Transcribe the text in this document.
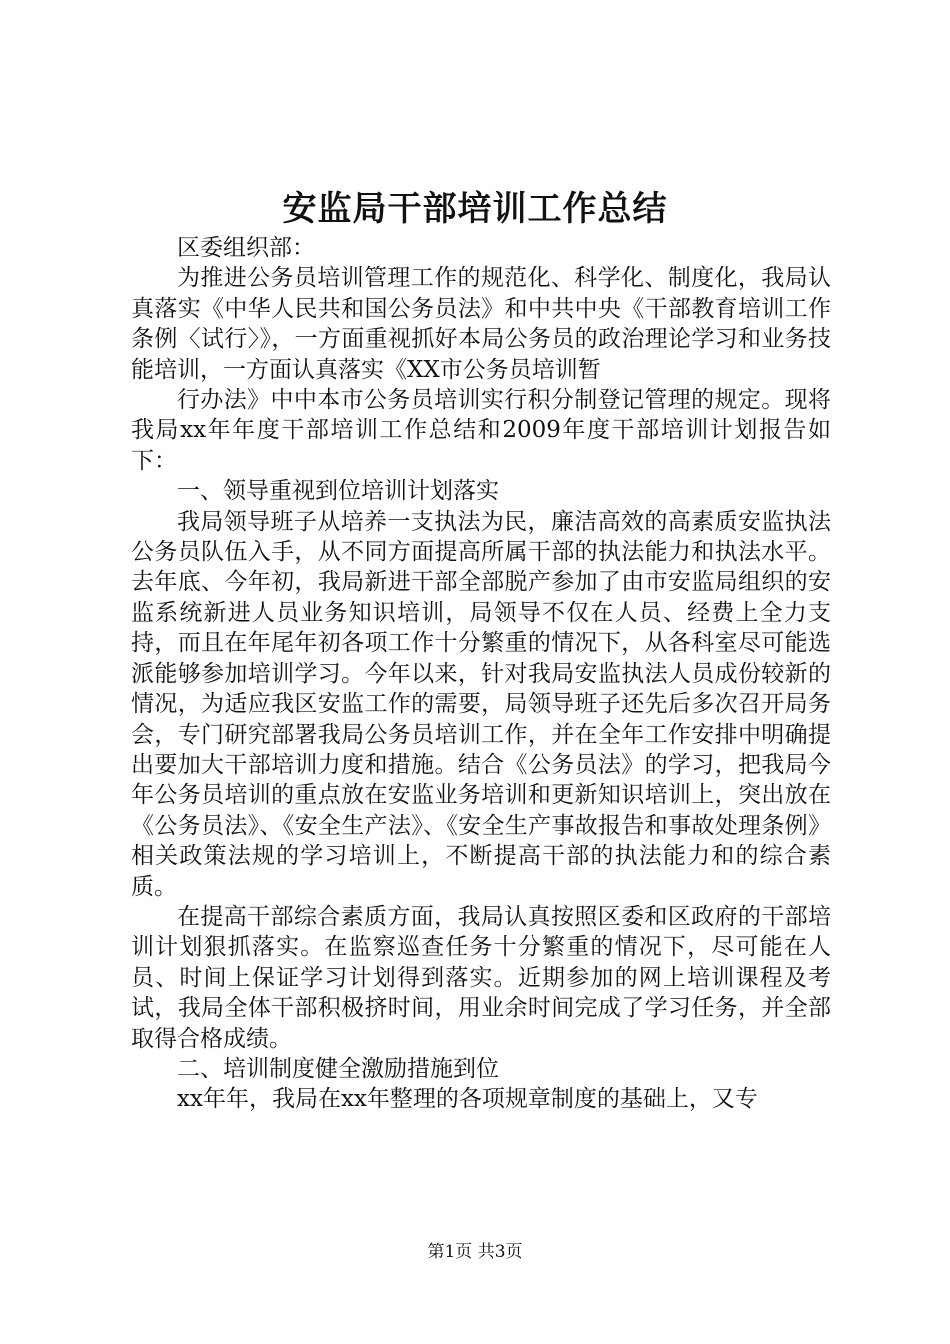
安监局干部培训工作总结

区委组织部：

为推进公务员培训管理工作的规范化、科学化、制度化，我局认真落实《中华人民共和国公务员法》和中共中央《干部教育培训工作条例〈试行〉》，一方面重视抓好本局公务员的政治理论学习和业务技能培训，一方面认真落实《XX市公务员培训暂

行办法》中中本市公务员培训实行积分制登记管理的规定。现将我局xx年年度干部培训工作总结和2009年度干部培训计划报告如下：

一、领导重视到位培训计划落实

我局领导班子从培养一支执法为民，廉洁高效的高素质安监执法公务员队伍入手，从不同方面提高所属干部的执法能力和执法水平。去年底、今年初，我局新进干部全部脱产参加了由市安监局组织的安监系统新进人员业务知识培训，局领导不仅在人员、经费上全力支持，而且在年尾年初各项工作十分繁重的情况下，从各科室尽可能选派能够参加培训学习。今年以来，针对我局安监执法人员成份较新的情况，为适应我区安监工作的需要，局领导班子还先后多次召开局务会，专门研究部署我局公务员培训工作，并在全年工作安排中明确提出要加大干部培训力度和措施。结合《公务员法》的学习，把我局今年公务员培训的重点放在安监业务培训和更新知识培训上，突出放在《公务员法》、《安全生产法》、《安全生产事故报告和事故处理条例》相关政策法规的学习培训上，不断提高干部的执法能力和的综合素质。

在提高干部综合素质方面，我局认真按照区委和区政府的干部培训计划狠抓落实。在监察巡查任务十分繁重的情况下，尽可能在人员、时间上保证学习计划得到落实。近期参加的网上培训课程及考试，我局全体干部积极挤时间，用业余时间完成了学习任务，并全部取得合格成绩。

二、培训制度健全激励措施到位

xx年年，我局在xx年整理的各项规章制度的基础上，又专

第1页 共3页
